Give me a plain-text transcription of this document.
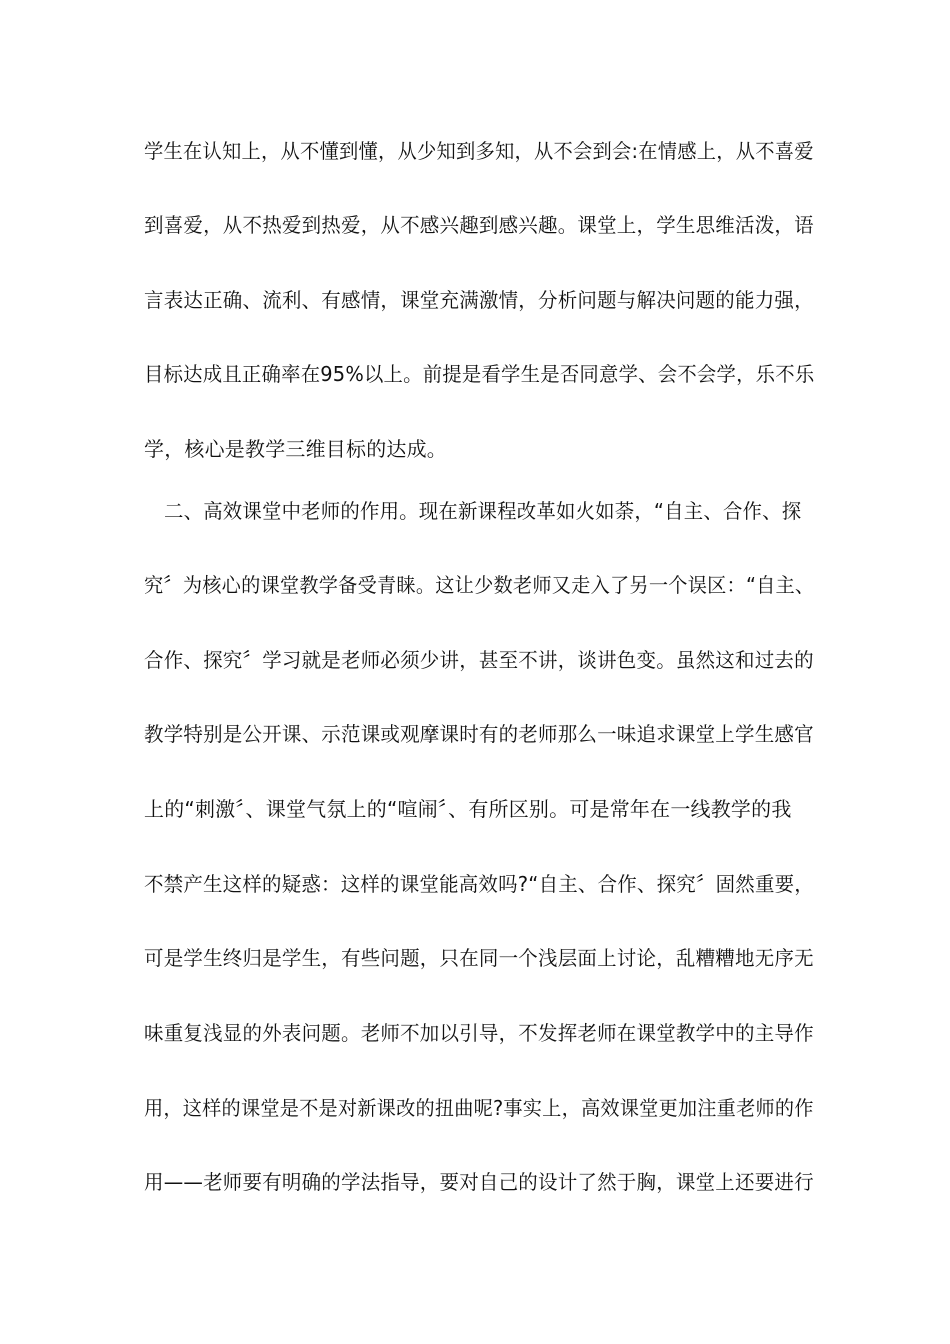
学生在认知上，从不懂到懂，从少知到多知，从不会到会:在情感上，从不喜爱
到喜爱，从不热爱到热爱，从不感兴趣到感兴趣。课堂上，学生思维活泼，语
言表达正确、流利、有感情，课堂充满激情，分析问题与解决问题的能力强，
目标达成且正确率在95%以上。前提是看学生是否同意学、会不会学，乐不乐
学，核心是教学三维目标的达成。
二、高效课堂中老师的作用。现在新课程改革如火如荼，“自主、合作、探
究〞为核心的课堂教学备受青睐。这让少数老师又走入了另一个误区：“自主、
合作、探究〞学习就是老师必须少讲，甚至不讲，谈讲色变。虽然这和过去的
教学特别是公开课、示范课或观摩课时有的老师那么一味追求课堂上学生感官
上的“刺激〞、课堂气氛上的“喧闹〞、有所区别。可是常年在一线教学的我
不禁产生这样的疑惑：这样的课堂能高效吗?“自主、合作、探究〞固然重要，
可是学生终归是学生，有些问题，只在同一个浅层面上讨论，乱糟糟地无序无
味重复浅显的外表问题。老师不加以引导，不发挥老师在课堂教学中的主导作
用，这样的课堂是不是对新课改的扭曲呢?事实上，高效课堂更加注重老师的作
用——老师要有明确的学法指导，要对自己的设计了然于胸，课堂上还要进行
